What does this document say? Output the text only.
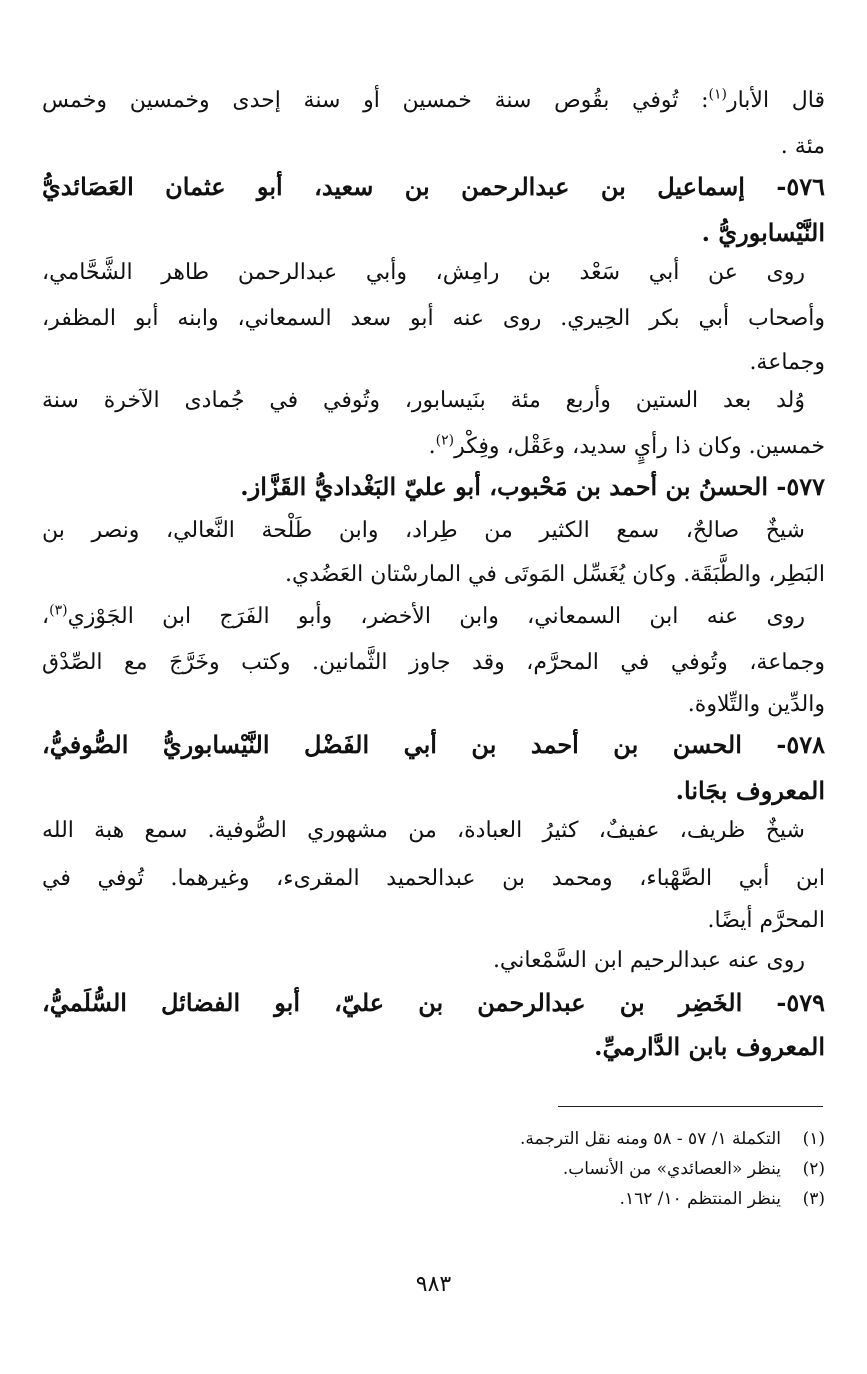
قال الأبار$^{(١)}$: تُوفي بقُوص سنة خمسين أو سنة إحدى وخمسين وخمس
مئة .
٥٧٦- إسماعيل بن عبدالرحمن بن سعيد، أبو عثمان العَصَائديُّ
النَّيْسابوريُّ .
روى عن أبي سَعْد بن رامِش، وأبي عبدالرحمن طاهر الشَّحَّامي،
وأصحاب أبي بكر الحِيري. روى عنه أبو سعد السمعاني، وابنه أبو المظفر،
وجماعة.
وُلد بعد الستين وأربع مئة بنَيسابور، وتُوفي في جُمادى الآخرة سنة
خمسين. وكان ذا رأيٍ سديد، وعَقْل، وفِكْر$^{(٢)}$.
٥٧٧- الحسنُ بن أحمد بن مَحْبوب، أبو عليّ البَغْداديُّ القَزَّاز.
شيخٌ صالحٌ، سمع الكثير من طِراد، وابن طَلْحة النَّعالي، ونصر بن
البَطِر، والطَّبَقَة. وكان يُغَسِّل المَوتَى في المارسْتان العَضُدي.
روى عنه ابن السمعاني، وابن الأخضر، وأبو الفَرَج ابن الجَوْزي$^{(٣)}$،
وجماعة، وتُوفي في المحرَّم، وقد جاوز الثَّمانين. وكتب وخَرَّجَ مع الصِّدْق
والدِّين والتِّلاوة.
٥٧٨- الحسن بن أحمد بن أبي الفَضْل النَّيْسابوريُّ الصُّوفيُّ،
المعروف بجَانا.
شيخٌ ظريف، عفيفٌ، كثيرُ العبادة، من مشهوري الصُّوفية. سمع هبة الله
ابن أبي الصَّهْباء، ومحمد بن عبدالحميد المقرىء، وغيرهما. تُوفي في
المحرَّم أيضًا.
روى عنه عبدالرحيم ابن السَّمْعاني.
٥٧٩- الخَضِر بن عبدالرحمن بن عليّ، أبو الفضائل السُّلَميُّ،
المعروف بابن الدَّارميِّ.
(١)التكملة ١/ ٥٧ - ٥٨ ومنه نقل الترجمة.
(٢)ينظر «العصائدي» من الأنساب.
(٣)ينظر المنتظم ١٠/ ١٦٢.
٩٨٣
